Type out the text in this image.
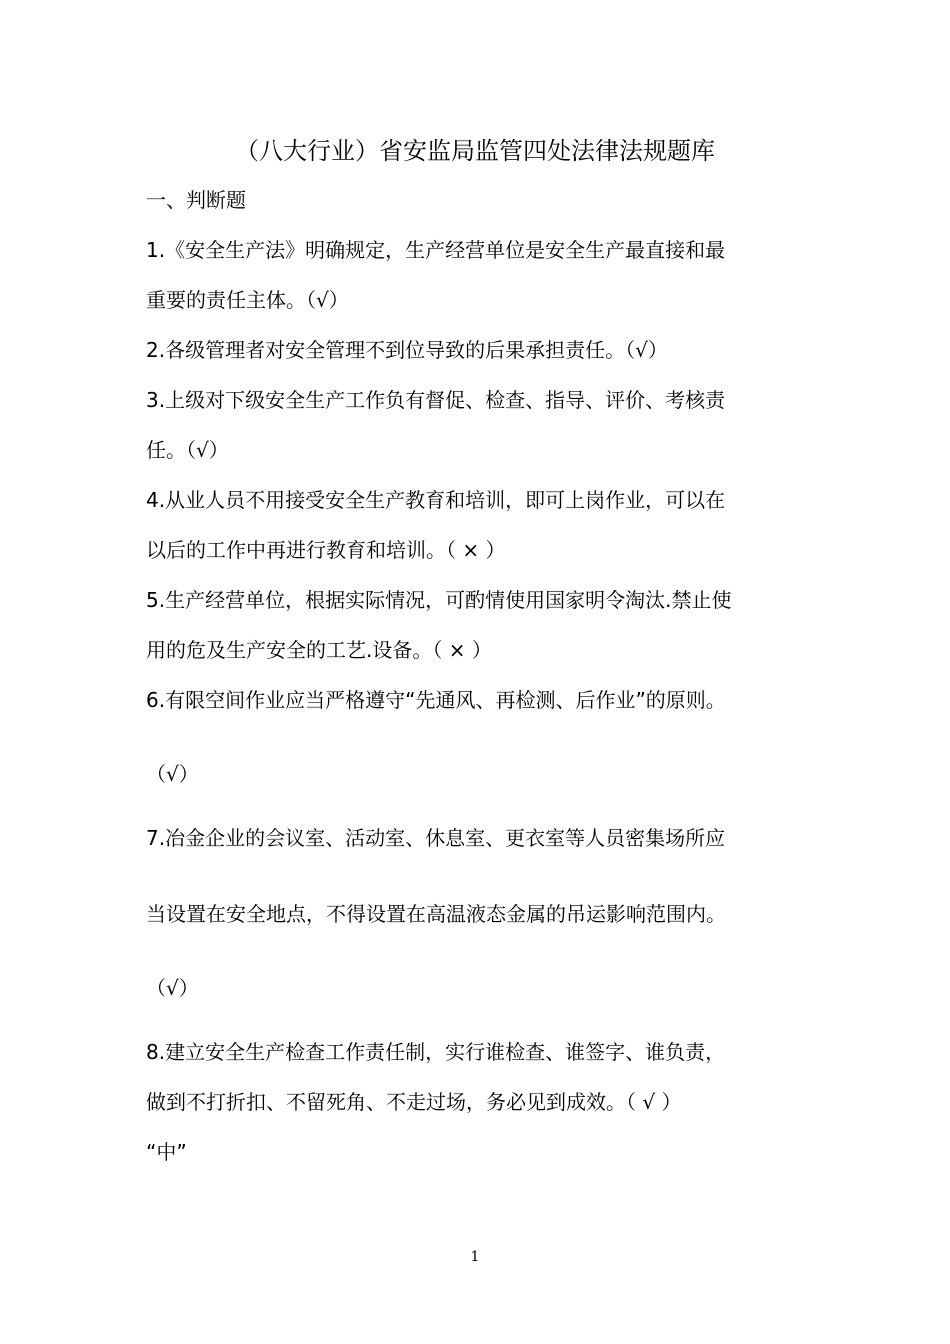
（八大行业）省安监局监管四处法律法规题库
一、判断题
1.《安全生产法》明确规定，生产经营单位是安全生产最直接和最
重要的责任主体。（√）
2.各级管理者对安全管理不到位导致的后果承担责任。（√）
3.上级对下级安全生产工作负有督促、检查、指导、评价、考核责
任。（√）
4.从业人员不用接受安全生产教育和培训，即可上岗作业，可以在
以后的工作中再进行教育和培训。（ × ）
5.生产经营单位，根据实际情况，可酌情使用国家明令淘汰.禁止使
用的危及生产安全的工艺.设备。（ × ）
6.有限空间作业应当严格遵守“先通风、再检测、后作业”的原则。
（√）
7.冶金企业的会议室、活动室、休息室、更衣室等人员密集场所应
当设置在安全地点，不得设置在高温液态金属的吊运影响范围内。
（√）
8.建立安全生产检查工作责任制，实行谁检查、谁签字、谁负责，
做到不打折扣、不留死角、不走过场，务必见到成效。（ √ ）
“中”
1
